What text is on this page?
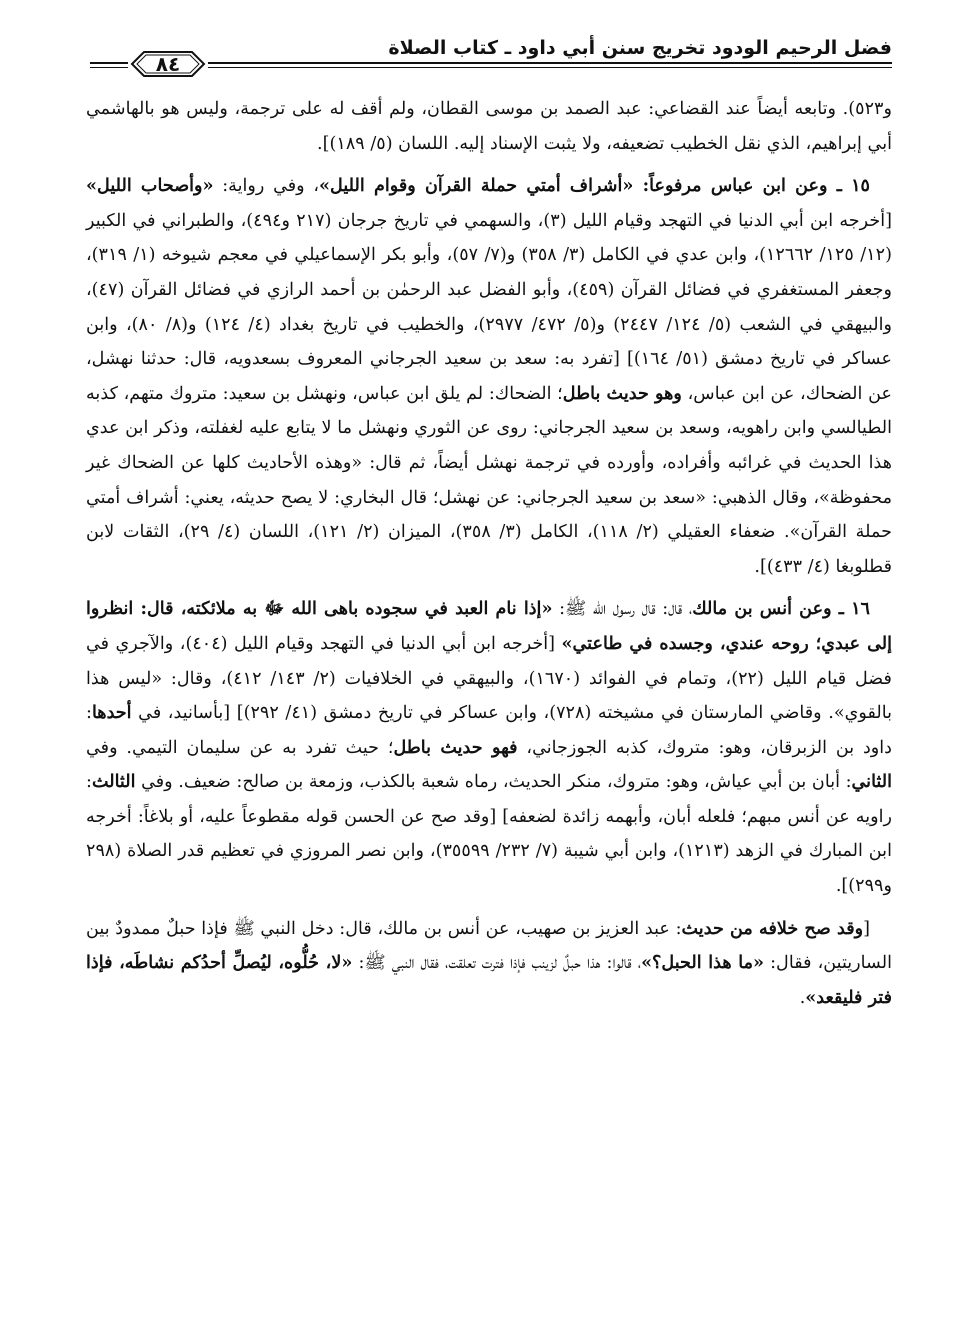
فضل الرحيم الودود تخريج سنن أبي داود ـ كتاب الصلاة
٨٤

و٥٢٣). وتابعه أيضاً عند القضاعي: عبد الصمد بن موسى القطان، ولم أقف له على ترجمة، وليس هو بالهاشمي أبي إبراهيم، الذي نقل الخطيب تضعيفه، ولا يثبت الإسناد إليه. اللسان (٥/ ١٨٩)].

١٥ ـ وعن ابن عباس مرفوعاً: «أشراف أمتي حملة القرآن وقوام الليل»، وفي رواية: «وأصحاب الليل» [أخرجه ابن أبي الدنيا في التهجد وقيام الليل (٣)، والسهمي في تاريخ جرجان (٢١٧ و٤٩٤)، والطبراني في الكبير (١٢/ ١٢٥/ ١٢٦٦٢)، وابن عدي في الكامل (٣/ ٣٥٨) و(٧/ ٥٧)، وأبو بكر الإسماعيلي في معجم شيوخه (١/ ٣١٩)، وجعفر المستغفري في فضائل القرآن (٤٥٩)، وأبو الفضل عبد الرحمٰن بن أحمد الرازي في فضائل القرآن (٤٧)، والبيهقي في الشعب (٥/ ١٢٤/ ٢٤٤٧) و(٥/ ٤٧٢/ ٢٩٧٧)، والخطيب في تاريخ بغداد (٤/ ١٢٤) و(٨/ ٨٠)، وابن عساكر في تاريخ دمشق (٥١/ ١٦٤)] [تفرد به: سعد بن سعيد الجرجاني المعروف بسعدويه، قال: حدثنا نهشل، عن الضحاك، عن ابن عباس، وهو حديث باطل؛ الضحاك: لم يلق ابن عباس، ونهشل بن سعيد: متروك متهم، كذبه الطيالسي وابن راهويه، وسعد بن سعيد الجرجاني: روى عن الثوري ونهشل ما لا يتابع عليه لغفلته، وذكر ابن عدي هذا الحديث في غرائبه وأفراده، وأورده في ترجمة نهشل أيضاً، ثم قال: «وهذه الأحاديث كلها عن الضحاك غير محفوظة»، وقال الذهبي: «سعد بن سعيد الجرجاني: عن نهشل؛ قال البخاري: لا يصح حديثه، يعني: أشراف أمتي حملة القرآن». ضعفاء العقيلي (٢/ ١١٨)، الكامل (٣/ ٣٥٨)، الميزان (٢/ ١٢١)، اللسان (٤/ ٢٩)، الثقات لابن قطلوبغا (٤/ ٤٣٣)].

١٦ ـ وعن أنس بن مالك، قال: قال رسول الله ﷺ: «إذا نام العبد في سجوده باهى الله ﷻ به ملائكته، قال: انظروا إلى عبدي؛ روحه عندي، وجسده في طاعتي» [أخرجه ابن أبي الدنيا في التهجد وقيام الليل (٤٠٤)، والآجري في فضل قيام الليل (٢٢)، وتمام في الفوائد (١٦٧٠)، والبيهقي في الخلافيات (٢/ ١٤٣/ ٤١٢)، وقال: «ليس هذا بالقوي». وقاضي المارستان في مشيخته (٧٢٨)، وابن عساكر في تاريخ دمشق (٤١/ ٢٩٢)] [بأسانيد، في أحدها: داود بن الزبرقان، وهو: متروك، كذبه الجوزجاني، فهو حديث باطل؛ حيث تفرد به عن سليمان التيمي. وفي الثاني: أبان بن أبي عياش، وهو: متروك، منكر الحديث، رماه شعبة بالكذب، وزمعة بن صالح: ضعيف. وفي الثالث: راويه عن أنس مبهم؛ فلعله أبان، وأبهمه زائدة لضعفه] [وقد صح عن الحسن قوله مقطوعاً عليه، أو بلاغاً: أخرجه ابن المبارك في الزهد (١٢١٣)، وابن أبي شيبة (٧/ ٢٣٢/ ٣٥٥٩٩)، وابن نصر المروزي في تعظيم قدر الصلاة (٢٩٨ و٢٩٩)].

[وقد صح خلافه من حديث: عبد العزيز بن صهيب، عن أنس بن مالك، قال: دخل النبي ﷺ فإذا حبلٌ ممدودٌ بين الساريتين، فقال: «ما هذا الحبل؟»، قالوا: هذا حبلٌ لزينب فإذا فترت تعلقت، فقال النبي ﷺ: «لا، حُلُّوه، ليُصلِّ أحدُكم نشاطَه، فإذا فتر فليقعد».
